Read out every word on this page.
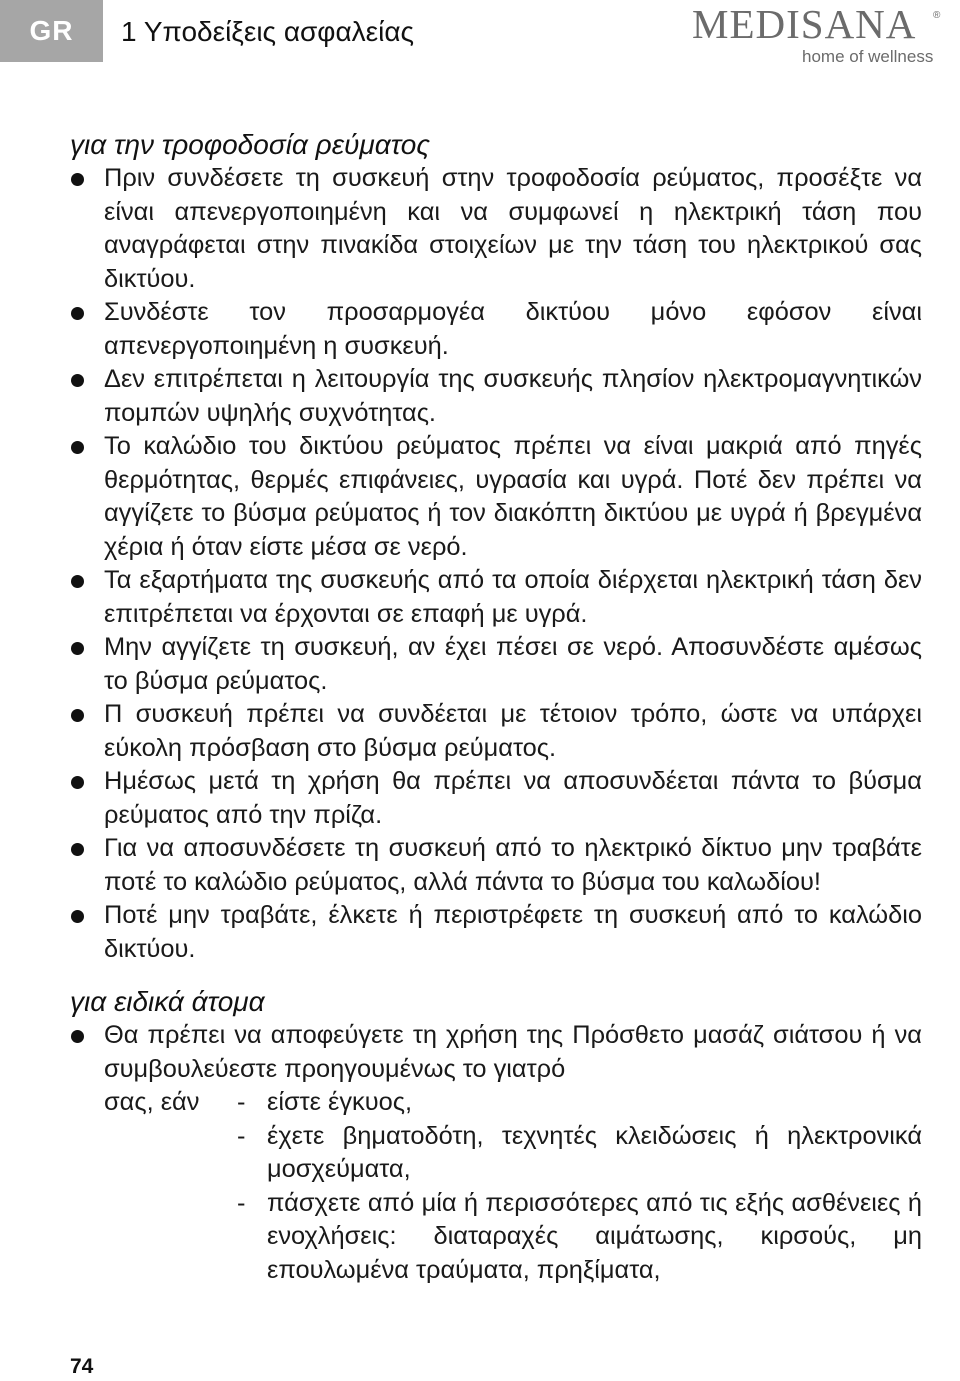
GR 1 Υποδείξεις ασφαλείας	MEDISANA ®
home of wellness
για την τροφοδοσία ρεύματος
Πριν συνδέσετε τη συσκευή στην τροφοδοσία ρεύματος, προσέξτε να είναι απενεργοποιημένη και να συμφωνεί η ηλεκτρική τάση που αναγράφεται στην πινακίδα στοιχείων με την τάση του ηλεκτρικού σας δικτύου.
Συνδέστε τον προσαρμογέα δικτύου μόνο εφόσον είναι απενεργοποιημένη η συσκευή.
Δεν επιτρέπεται η λειτουργία της συσκευής πλησίον ηλεκτρομαγνητικών πομπών υψηλής συχνότητας.
Το καλώδιο του δικτύου ρεύματος πρέπει να είναι μακριά από πηγές θερμότητας, θερμές επιφάνειες, υγρασία και υγρά. Ποτέ δεν πρέπει να αγγίζετε το βύσμα ρεύματος ή τον διακόπτη δικτύου με υγρά ή βρεγμένα χέρια ή όταν είστε μέσα σε νερό.
Τα εξαρτήματα της συσκευής από τα οποία διέρχεται ηλεκτρική τάση δεν επιτρέπεται να έρχονται σε επαφή με υγρά.
Μην αγγίζετε τη συσκευή, αν έχει πέσει σε νερό. Αποσυνδέστε αμέσως το βύσμα ρεύματος.
Π συσκευή πρέπει να συνδέεται με τέτοιον τρόπο, ώστε να υπάρχει εύκολη πρόσβαση στο βύσμα ρεύματος.
Ημέσως μετά τη χρήση θα πρέπει να αποσυνδέεται πάντα το βύσμα ρεύματος από την πρίζα.
Για να αποσυνδέσετε τη συσκευή από το ηλεκτρικό δίκτυο μην τραβάτε ποτέ το καλώδιο ρεύματος, αλλά πάντα το βύσμα του καλωδίου!
Ποτέ μην τραβάτε, έλκετε ή περιστρέφετε τη συσκευή από το καλώδιο δικτύου.
για ειδικά άτομα
Θα πρέπει να αποφεύγετε τη χρήση της Πρόσθετο μασάζ σιάτσου ή να συμβουλεύεστε προηγουμένως το γιατρό
σας, εάν - είστε έγκυος,
- έχετε βηματοδότη, τεχνητές κλειδώσεις ή ηλεκτρονικά μοσχεύματα,
- πάσχετε από μία ή περισσότερες από τις εξής ασθένειες ή ενοχλήσεις: διαταραχές αιμάτωσης, κιρσούς, μη επουλωμένα τραύματα, πρηξίματα,
74
